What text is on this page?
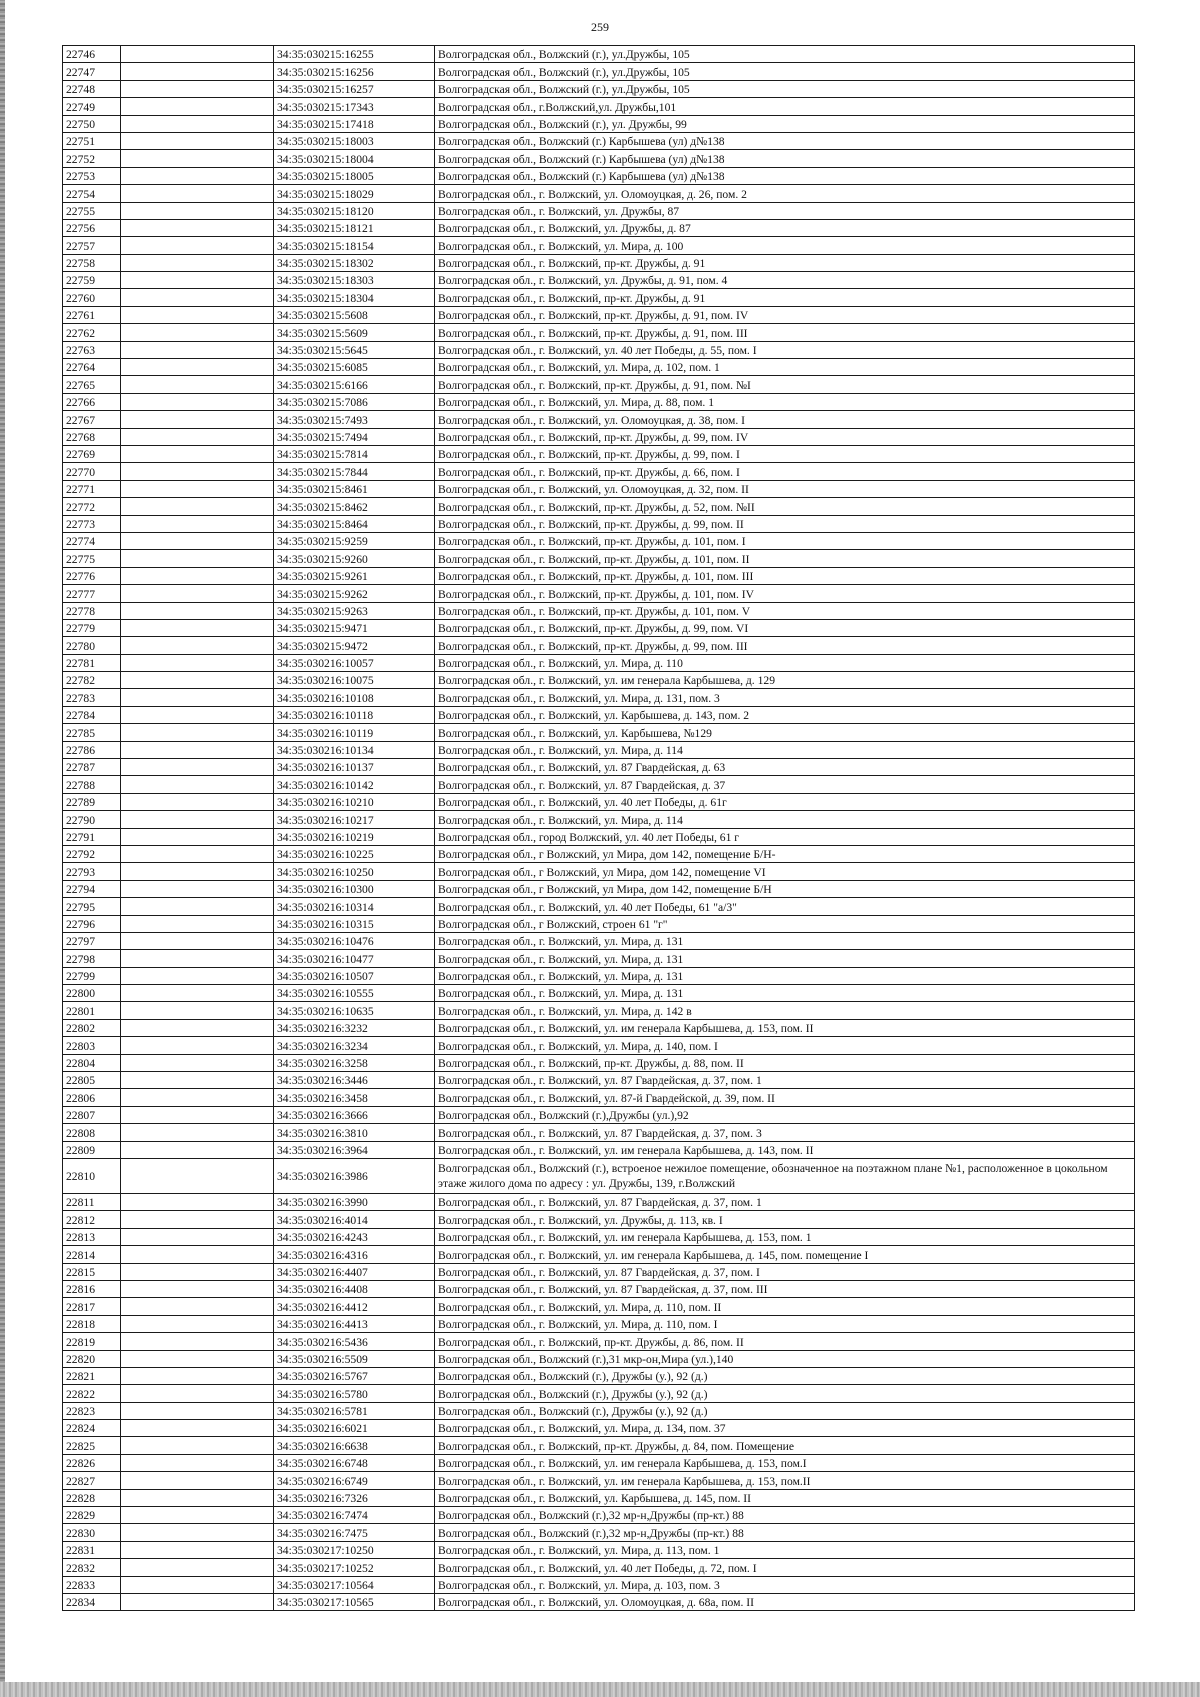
259
22746		34:35:030215:16255	Волгоградская обл., Волжский (г.), ул.Дружбы, 105
22747		34:35:030215:16256	Волгоградская обл., Волжский (г.), ул.Дружбы, 105
22748		34:35:030215:16257	Волгоградская обл., Волжский (г.), ул.Дружбы, 105
22749		34:35:030215:17343	Волгоградская обл., г.Волжский,ул. Дружбы,101
22750		34:35:030215:17418	Волгоградская обл., Волжский (г.), ул. Дружбы, 99
22751		34:35:030215:18003	Волгоградская обл., Волжский (г.) Карбышева (ул) д№138
22752		34:35:030215:18004	Волгоградская обл., Волжский (г.) Карбышева (ул) д№138
22753		34:35:030215:18005	Волгоградская обл., Волжский (г.) Карбышева (ул) д№138
22754		34:35:030215:18029	Волгоградская обл., г. Волжский, ул. Оломоуцкая, д. 26, пом. 2
22755		34:35:030215:18120	Волгоградская обл., г. Волжский, ул. Дружбы, 87
22756		34:35:030215:18121	Волгоградская обл., г. Волжский, ул. Дружбы, д. 87
22757		34:35:030215:18154	Волгоградская обл., г. Волжский, ул. Мира, д. 100
22758		34:35:030215:18302	Волгоградская обл., г. Волжский, пр-кт. Дружбы, д. 91
22759		34:35:030215:18303	Волгоградская обл., г. Волжский, ул. Дружбы, д. 91, пом. 4
22760		34:35:030215:18304	Волгоградская обл., г. Волжский, пр-кт. Дружбы, д. 91
22761		34:35:030215:5608	Волгоградская обл., г. Волжский, пр-кт. Дружбы, д. 91, пом. IV
22762		34:35:030215:5609	Волгоградская обл., г. Волжский, пр-кт. Дружбы, д. 91, пом. III
22763		34:35:030215:5645	Волгоградская обл., г. Волжский, ул. 40 лет Победы, д. 55, пом. I
22764		34:35:030215:6085	Волгоградская обл., г. Волжский, ул. Мира, д. 102, пом. 1
22765		34:35:030215:6166	Волгоградская обл., г. Волжский, пр-кт. Дружбы, д. 91, пом. №I
22766		34:35:030215:7086	Волгоградская обл., г. Волжский, ул. Мира, д. 88, пом. 1
22767		34:35:030215:7493	Волгоградская обл., г. Волжский, ул. Оломоуцкая, д. 38, пом. I
22768		34:35:030215:7494	Волгоградская обл., г. Волжский, пр-кт. Дружбы, д. 99, пом. IV
22769		34:35:030215:7814	Волгоградская обл., г. Волжский, пр-кт. Дружбы, д. 99, пом. I
22770		34:35:030215:7844	Волгоградская обл., г. Волжский, пр-кт. Дружбы, д. 66, пом. I
22771		34:35:030215:8461	Волгоградская обл., г. Волжский, ул. Оломоуцкая, д. 32, пом. II
22772		34:35:030215:8462	Волгоградская обл., г. Волжский, пр-кт. Дружбы, д. 52, пом. №II
22773		34:35:030215:8464	Волгоградская обл., г. Волжский, пр-кт. Дружбы, д. 99, пом. II
22774		34:35:030215:9259	Волгоградская обл., г. Волжский, пр-кт. Дружбы, д. 101, пом. I
22775		34:35:030215:9260	Волгоградская обл., г. Волжский, пр-кт. Дружбы, д. 101, пом. II
22776		34:35:030215:9261	Волгоградская обл., г. Волжский, пр-кт. Дружбы, д. 101, пом. III
22777		34:35:030215:9262	Волгоградская обл., г. Волжский, пр-кт. Дружбы, д. 101, пом. IV
22778		34:35:030215:9263	Волгоградская обл., г. Волжский, пр-кт. Дружбы, д. 101, пом. V
22779		34:35:030215:9471	Волгоградская обл., г. Волжский, пр-кт. Дружбы, д. 99, пом. VI
22780		34:35:030215:9472	Волгоградская обл., г. Волжский, пр-кт. Дружбы, д. 99, пом. III
22781		34:35:030216:10057	Волгоградская обл., г. Волжский, ул. Мира, д. 110
22782		34:35:030216:10075	Волгоградская обл., г. Волжский, ул. им генерала Карбышева, д. 129
22783		34:35:030216:10108	Волгоградская обл., г. Волжский, ул. Мира, д. 131, пом. 3
22784		34:35:030216:10118	Волгоградская обл., г. Волжский, ул. Карбышева, д. 143, пом. 2
22785		34:35:030216:10119	Волгоградская обл., г. Волжский, ул. Карбышева, №129
22786		34:35:030216:10134	Волгоградская обл., г. Волжский, ул. Мира, д. 114
22787		34:35:030216:10137	Волгоградская обл., г. Волжский, ул. 87 Гвардейская, д. 63
22788		34:35:030216:10142	Волгоградская обл., г. Волжский, ул. 87 Гвардейская, д. 37
22789		34:35:030216:10210	Волгоградская обл., г. Волжский, ул. 40 лет Победы, д. 61г
22790		34:35:030216:10217	Волгоградская обл., г. Волжский, ул. Мира, д. 114
22791		34:35:030216:10219	Волгоградская обл., город Волжский, ул. 40 лет Победы, 61 г
22792		34:35:030216:10225	Волгоградская обл., г Волжский, ул Мира, дом 142, помещение Б/Н-
22793		34:35:030216:10250	Волгоградская обл., г Волжский, ул Мира, дом 142, помещение VI
22794		34:35:030216:10300	Волгоградская обл., г Волжский, ул Мира, дом 142, помещение Б/Н
22795		34:35:030216:10314	Волгоградская обл., г. Волжский, ул. 40 лет Победы, 61 "а/3"
22796		34:35:030216:10315	Волгоградская обл., г Волжский, строен 61 "г"
22797		34:35:030216:10476	Волгоградская обл., г. Волжский, ул. Мира, д. 131
22798		34:35:030216:10477	Волгоградская обл., г. Волжский, ул. Мира, д. 131
22799		34:35:030216:10507	Волгоградская обл., г. Волжский, ул. Мира, д. 131
22800		34:35:030216:10555	Волгоградская обл., г. Волжский, ул. Мира, д. 131
22801		34:35:030216:10635	Волгоградская обл., г. Волжский, ул. Мира, д. 142 в
22802		34:35:030216:3232	Волгоградская обл., г. Волжский, ул. им генерала Карбышева, д. 153, пом. II
22803		34:35:030216:3234	Волгоградская обл., г. Волжский, ул. Мира, д. 140, пом. I
22804		34:35:030216:3258	Волгоградская обл., г. Волжский, пр-кт. Дружбы, д. 88, пом. II
22805		34:35:030216:3446	Волгоградская обл., г. Волжский, ул. 87 Гвардейская, д. 37, пом. 1
22806		34:35:030216:3458	Волгоградская обл., г. Волжский, ул. 87-й Гвардейской, д. 39, пом. II
22807		34:35:030216:3666	Волгоградская обл., Волжский (г.),Дружбы (ул.),92
22808		34:35:030216:3810	Волгоградская обл., г. Волжский, ул. 87 Гвардейская, д. 37, пом. 3
22809		34:35:030216:3964	Волгоградская обл., г. Волжский, ул. им генерала Карбышева, д. 143, пом. II
22810		34:35:030216:3986	Волгоградская обл., Волжский (г.), встроеное нежилое помещение, обозначенное на поэтажном плане №1, расположенное в цокольном этаже жилого дома по адресу : ул. Дружбы, 139, г.Волжский
22811		34:35:030216:3990	Волгоградская обл., г. Волжский, ул. 87 Гвардейская, д. 37, пом. 1
22812		34:35:030216:4014	Волгоградская обл., г. Волжский, ул. Дружбы, д. 113, кв. I
22813		34:35:030216:4243	Волгоградская обл., г. Волжский, ул. им генерала Карбышева, д. 153, пом. 1
22814		34:35:030216:4316	Волгоградская обл., г. Волжский, ул. им генерала Карбышева, д. 145, пом. помещение I
22815		34:35:030216:4407	Волгоградская обл., г. Волжский, ул. 87 Гвардейская, д. 37, пом. I
22816		34:35:030216:4408	Волгоградская обл., г. Волжский, ул. 87 Гвардейская, д. 37, пом. III
22817		34:35:030216:4412	Волгоградская обл., г. Волжский, ул. Мира, д. 110, пом. II
22818		34:35:030216:4413	Волгоградская обл., г. Волжский, ул. Мира, д. 110, пом. I
22819		34:35:030216:5436	Волгоградская обл., г. Волжский, пр-кт. Дружбы, д. 86, пом. II
22820		34:35:030216:5509	Волгоградская обл., Волжский (г.),31 мкр-он,Мира (ул.),140
22821		34:35:030216:5767	Волгоградская обл., Волжский (г.), Дружбы (у.), 92 (д.)
22822		34:35:030216:5780	Волгоградская обл., Волжский (г.), Дружбы (у.), 92 (д.)
22823		34:35:030216:5781	Волгоградская обл., Волжский (г.), Дружбы (у.), 92 (д.)
22824		34:35:030216:6021	Волгоградская обл., г. Волжский, ул. Мира, д. 134, пом. 37
22825		34:35:030216:6638	Волгоградская обл., г. Волжский, пр-кт. Дружбы, д. 84, пом. Помещение
22826		34:35:030216:6748	Волгоградская обл., г. Волжский, ул. им генерала Карбышева, д. 153, пом.I
22827		34:35:030216:6749	Волгоградская обл., г. Волжский, ул. им генерала Карбышева, д. 153, пом.II
22828		34:35:030216:7326	Волгоградская обл., г. Волжский, ул. Карбышева, д. 145, пом. II
22829		34:35:030216:7474	Волгоградская обл., Волжский (г.),32 мр-н,Дружбы (пр-кт.) 88
22830		34:35:030216:7475	Волгоградская обл., Волжский (г.),32 мр-н,Дружбы (пр-кт.) 88
22831		34:35:030217:10250	Волгоградская обл., г. Волжский, ул. Мира, д. 113, пом. 1
22832		34:35:030217:10252	Волгоградская обл., г. Волжский, ул. 40 лет Победы, д. 72, пом. I
22833		34:35:030217:10564	Волгоградская обл., г. Волжский, ул. Мира, д. 103, пом. 3
22834		34:35:030217:10565	Волгоградская обл., г. Волжский, ул. Оломоуцкая, д. 68а, пом. II
